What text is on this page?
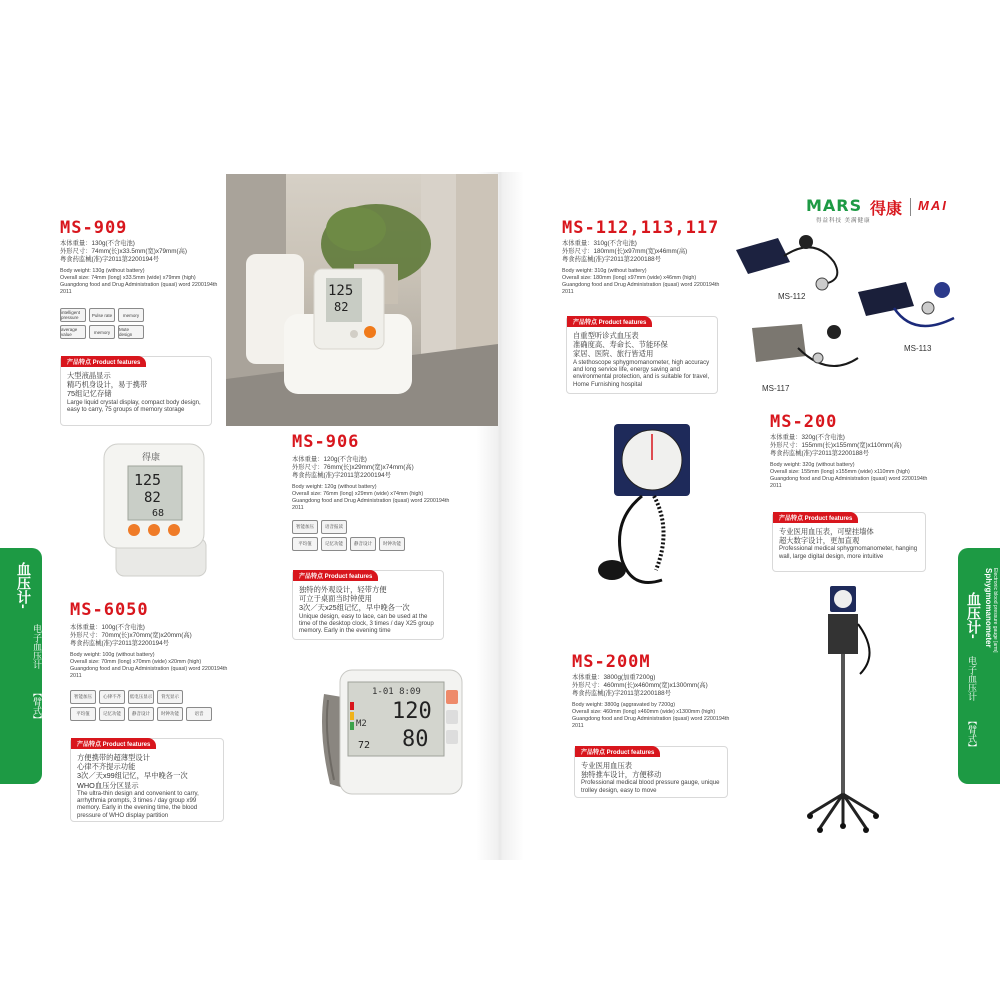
血压计-
电子血压计
【臂式】
Sphygmomanometer Electronic blood pressure gauge [arm]	血压计-
电子血压计
【臂式】
Sphygmomanometer Electronic blood pressure gauge [arm]
125
82
MS-909
本体重量：130g(不含电池)
外形尺寸：74mm(长)x33.5mm(宽)x79mm(高)
粤食药监械(准)字2011第2200194号
Body weight: 130g (without battery)
Overall size: 74mm (long) x33.5mm (wide) x79mm (high)
Guangdong food and Drug Administration (quasi) word 2200194th 2011
intelligent pressure	Pulse rate	memory
average value	memory	Mute design
产品特点 Product features
大型液晶显示
精巧机身设计，易于携带
75组记忆存储
Large liquid crystal display, compact body design, easy to carry, 75 groups of memory storage
得康
125
82
68
MS-906
本体重量：120g(不含电池)
外形尺寸：76mm(长)x29mm(宽)x74mm(高)
粤食药监械(准)字2011第2200194号
Body weight: 120g (without battery)
Overall size: 76mm (long) x29mm (wide) x74mm (high)
Guangdong food and Drug Administration (quasi) word 2200194th 2011
智能加压	语音报读
平均值	记忆功能	静音设计	时钟功能
产品特点 Product features
独特的外观设计，轻带方便
可立于桌面当时钟使用
3次／天x25组记忆，早中晚各一次
Unique design, easy to lace, can be used at the time of the desktop clock, 3 times / day X25 group memory. Early in the evening time
MS-6050
本体重量：100g(不含电池)
外形尺寸：70mm(长)x70mm(宽)x20mm(高)
粤食药监械(准)字2011第2200194号
Body weight: 100g (without battery)
Overall size: 70mm (long) x70mm (wide) x20mm (high)
Guangdong food and Drug Administration (quasi) word 2200194th 2011
智能加压	心律不齐	低电压显示	背光显示
平均值	记忆功能	静音设计	时钟功能	语音
产品特点 Product features
方便携带的超薄型设计
心律不齐提示功能
3次／天x99组记忆，早中晚各一次
WHO血压分区显示
The ultra-thin design and convenient to carry, arrhythmia prompts, 3 times / day group x99 memory. Early in the evening time, the blood pressure of WHO display partition
1-01 8:09
M2 120
80
72
MARS 得康 MAI
得益科技 美满健康
MS-112,113,117
本体重量：310g(不含电池)
外形尺寸：180mm(长)x97mm(宽)x46mm(高)
粤食药监械(准)字2011第2200188号
Body weight: 310g (without battery)
Overall size: 180mm (long) x97mm (wide) x46mm (high)
Guangdong food and Drug Administration (quasi) word 2200194th 2011
产品特点 Product features
自重型听诊式血压表
准确度高、寿命长、节能环保
家居、医院、旅行皆适用
A stethoscope sphygmomanometer, high accuracy and long service life, energy saving and environmental protection, and is suitable for travel, Home Furnishing hospital
MS-112
MS-113
MS-117
MS-200
本体重量：320g(不含电池)
外形尺寸：155mm(长)x155mm(宽)x110mm(高)
粤食药监械(准)字2011第2200188号
Body weight: 320g (without battery)
Overall size: 155mm (long) x155mm (wide) x110mm (high)
Guangdong food and Drug Administration (quasi) word 2200194th 2011
产品特点 Product features
专业医用血压表，可壁挂墙体
超大数字设计，更加直观
Professional medical sphygmomanometer, hanging wall, large digital design, more intuitive
MS-200M
本体重量：3800g(加重7200g)
外形尺寸：460mm(长)x460mm(宽)x1300mm(高)
粤食药监械(准)字2011第2200188号
Body weight: 3800g (aggravated by 7200g)
Overall size: 460mm (long) x460mm (wide) x1300mm (high)
Guangdong food and Drug Administration (quasi) word 2200194th 2011
产品特点 Product features
专业医用血压表
独特推车设计，方便移动
Professional medical blood pressure gauge, unique trolley design, easy to move
